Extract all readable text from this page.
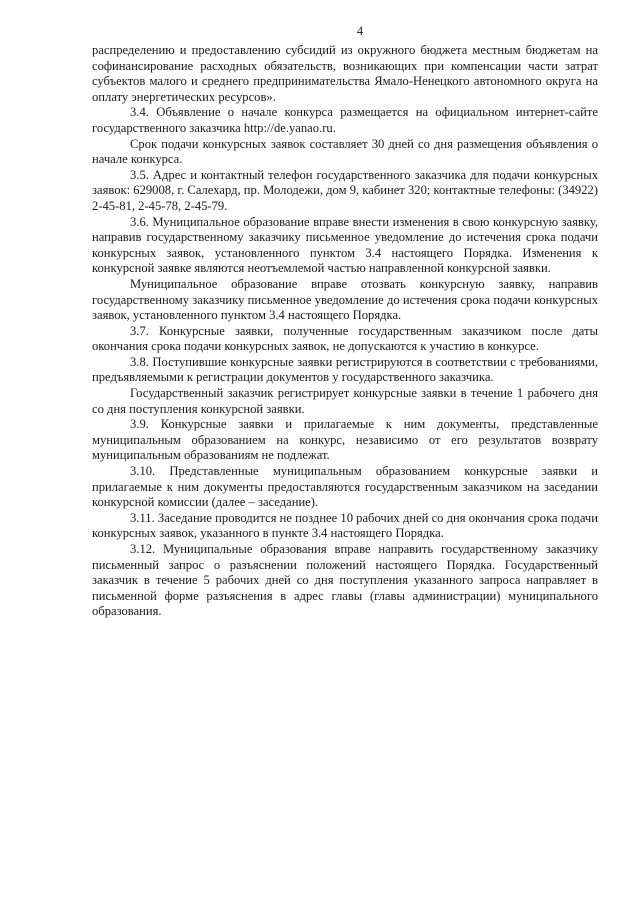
4

распределению и предоставлению субсидий из окружного бюджета местным бюджетам на софинансирование расходных обязательств, возникающих при компенсации части затрат субъектов малого и среднего предпринимательства Ямало-Ненецкого автономного округа на оплату энергетических ресурсов».

3.4. Объявление о начале конкурса размещается на официальном интернет-сайте государственного заказчика http://de.yanao.ru.

Срок подачи конкурсных заявок составляет 30 дней со дня размещения объявления о начале конкурса.

3.5. Адрес и контактный телефон государственного заказчика для подачи конкурсных заявок: 629008, г. Салехард, пр. Молодежи, дом 9, кабинет 320; контактные телефоны: (34922) 2-45-81, 2-45-78, 2-45-79.

3.6. Муниципальное образование вправе внести изменения в свою конкурсную заявку, направив государственному заказчику письменное уведомление до истечения срока подачи конкурсных заявок, установленного пунктом 3.4 настоящего Порядка. Изменения к конкурсной заявке являются неотъемлемой частью направленной конкурсной заявки.

Муниципальное образование вправе отозвать конкурсную заявку, направив государственному заказчику письменное уведомление до истечения срока подачи конкурсных заявок, установленного пунктом 3.4 настоящего Порядка.

3.7. Конкурсные заявки, полученные государственным заказчиком после даты окончания срока подачи конкурсных заявок, не допускаются к участию в конкурсе.

3.8. Поступившие конкурсные заявки регистрируются в соответствии с требованиями, предъявляемыми к регистрации документов у государственного заказчика.

Государственный заказчик регистрирует конкурсные заявки в течение 1 рабочего дня со дня поступления конкурсной заявки.

3.9. Конкурсные заявки и прилагаемые к ним документы, представленные муниципальным образованием на конкурс, независимо от его результатов возврату муниципальным образованиям не подлежат.

3.10. Представленные муниципальным образованием конкурсные заявки и прилагаемые к ним документы предоставляются государственным заказчиком на заседании конкурсной комиссии (далее – заседание).

3.11. Заседание проводится не позднее 10 рабочих дней со дня окончания срока подачи конкурсных заявок, указанного в пункте 3.4 настоящего Порядка.

3.12. Муниципальные образования вправе направить государственному заказчику письменный запрос о разъяснении положений настоящего Порядка. Государственный заказчик в течение 5 рабочих дней со дня поступления указанного запроса направляет в письменной форме разъяснения в адрес главы (главы администрации) муниципального образования.
